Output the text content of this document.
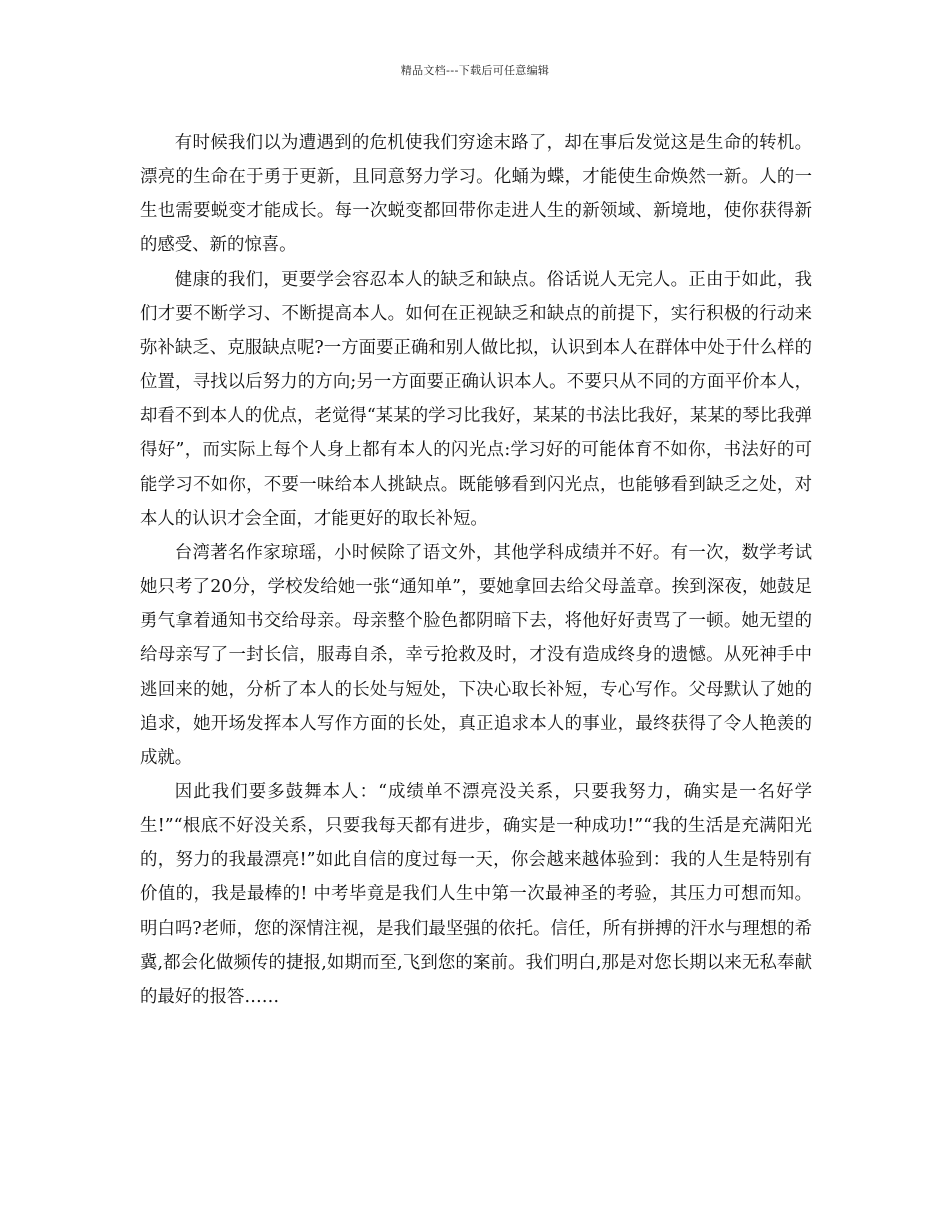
精品文档---下载后可任意编辑

有时候我们以为遭遇到的危机使我们穷途末路了，却在事后发觉这是生命的转机。漂亮的生命在于勇于更新，且同意努力学习。化蛹为蝶，才能使生命焕然一新。人的一生也需要蜕变才能成长。每一次蜕变都回带你走进人生的新领域、新境地，使你获得新的感受、新的惊喜。

健康的我们，更要学会容忍本人的缺乏和缺点。俗话说人无完人。正由于如此，我们才要不断学习、不断提高本人。如何在正视缺乏和缺点的前提下，实行积极的行动来弥补缺乏、克服缺点呢?一方面要正确和别人做比拟，认识到本人在群体中处于什么样的位置，寻找以后努力的方向;另一方面要正确认识本人。不要只从不同的方面平价本人，却看不到本人的优点，老觉得“某某的学习比我好，某某的书法比我好，某某的琴比我弹得好”，而实际上每个人身上都有本人的闪光点:学习好的可能体育不如你，书法好的可能学习不如你，不要一味给本人挑缺点。既能够看到闪光点，也能够看到缺乏之处，对本人的认识才会全面，才能更好的取长补短。

台湾著名作家琼瑶，小时候除了语文外，其他学科成绩并不好。有一次，数学考试她只考了20分，学校发给她一张“通知单”，要她拿回去给父母盖章。挨到深夜，她鼓足勇气拿着通知书交给母亲。母亲整个脸色都阴暗下去，将他好好责骂了一顿。她无望的给母亲写了一封长信，服毒自杀，幸亏抢救及时，才没有造成终身的遗憾。从死神手中逃回来的她，分析了本人的长处与短处，下决心取长补短，专心写作。父母默认了她的追求，她开场发挥本人写作方面的长处，真正追求本人的事业，最终获得了令人艳羡的成就。

因此我们要多鼓舞本人：“成绩单不漂亮没关系，只要我努力，确实是一名好学生!”“根底不好没关系，只要我每天都有进步，确实是一种成功!”“我的生活是充满阳光的，努力的我最漂亮!”如此自信的度过每一天，你会越来越体验到：我的人生是特别有价值的，我是最棒的! 中考毕竟是我们人生中第一次最神圣的考验，其压力可想而知。明白吗?老师，您的深情注视，是我们最坚强的依托。信任，所有拼搏的汗水与理想的希冀,都会化做频传的捷报,如期而至,飞到您的案前。我们明白,那是对您长期以来无私奉献的最好的报答……
